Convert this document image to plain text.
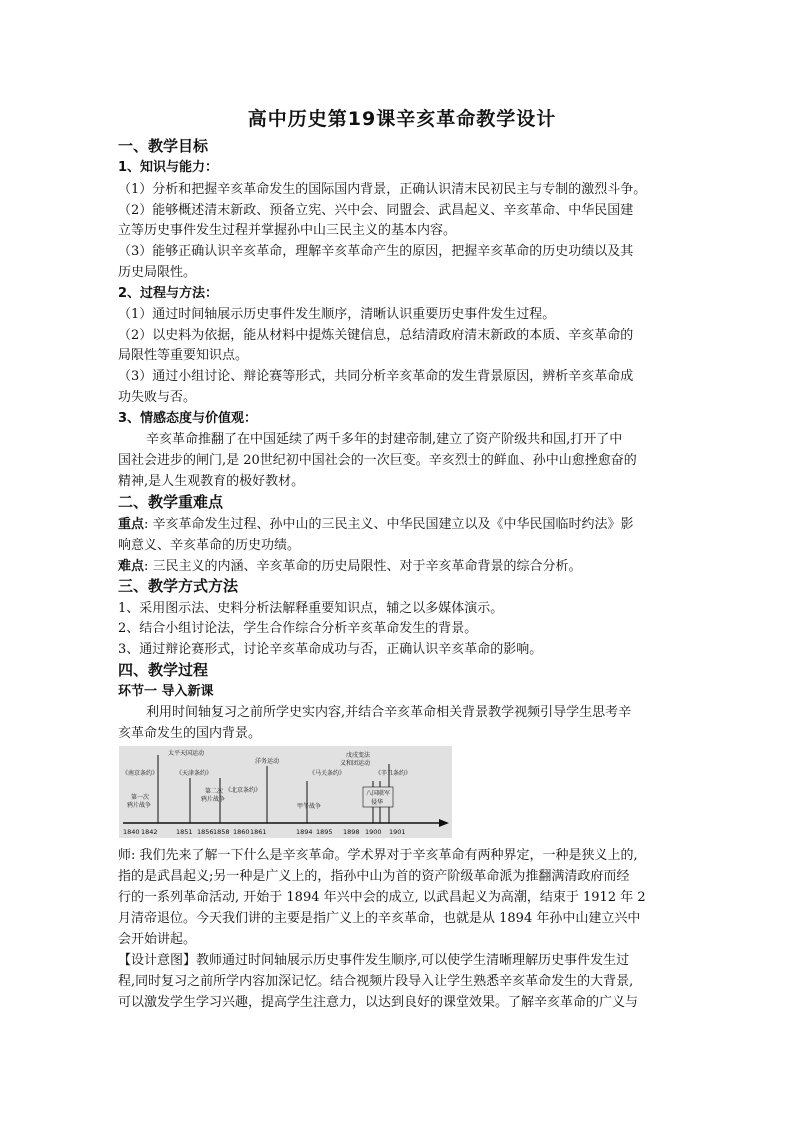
高中历史第19课辛亥革命教学设计
一、教学目标
1、知识与能力：
（1）分析和把握辛亥革命发生的国际国内背景，正确认识清末民初民主与专制的激烈斗争。
（2）能够概述清末新政、预备立宪、兴中会、同盟会、武昌起义、辛亥革命、中华民国建
立等历史事件发生过程并掌握孙中山三民主义的基本内容。
（3）能够正确认识辛亥革命，理解辛亥革命产生的原因，把握辛亥革命的历史功绩以及其
历史局限性。
2、过程与方法：
（1）通过时间轴展示历史事件发生顺序，清晰认识重要历史事件发生过程。
（2）以史料为依据，能从材料中提炼关键信息，总结清政府清末新政的本质、辛亥革命的
局限性等重要知识点。
（3）通过小组讨论、辩论赛等形式，共同分析辛亥革命的发生背景原因，辨析辛亥革命成
功失败与否。
3、情感态度与价值观：
辛亥革命推翻了在中国延续了两千多年的封建帝制,建立了资产阶级共和国,打开了中
国社会进步的闸门,是 20世纪初中国社会的一次巨变。辛亥烈士的鲜血、孙中山愈挫愈奋的
精神,是人生观教育的极好教材。
二、教学重难点
重点: 辛亥革命发生过程、孙中山的三民主义、中华民国建立以及《中华民国临时约法》影
响意义、辛亥革命的历史功绩。
难点: 三民主义的内涵、辛亥革命的历史局限性、对于辛亥革命背景的综合分析。
三、教学方式方法
1、采用图示法、史料分析法解释重要知识点，辅之以多媒体演示。
2、结合小组讨论法，学生合作综合分析辛亥革命发生的背景。
3、通过辩论赛形式，讨论辛亥革命成功与否，正确认识辛亥革命的影响。
四、教学过程
环节一 导入新课
利用时间轴复习之前所学史实内容,并结合辛亥革命相关背景教学视频引导学生思考辛
亥革命发生的国内背景。
太平天国运动
洋务运动
戊戌变法
义和团运动
《南京条约》	《天津条约》	《马关条约》	《辛丑条约》
第一次
鸦片战争
第二次
鸦片战争
《北京条约》
甲午战争
八国联军
侵华
1840 1842	1851 1856 1858 1860 1861	1894 1895 1898 1900 1901
师: 我们先来了解一下什么是辛亥革命。学术界对于辛亥革命有两种界定，一种是狭义上的,
指的是武昌起义;另一种是广义上的，指孙中山为首的资产阶级革命派为推翻满清政府而经
行的一系列革命活动, 开始于 1894 年兴中会的成立, 以武昌起义为高潮，结束于 1912 年 2
月清帝退位。今天我们讲的主要是指广义上的辛亥革命，也就是从 1894 年孙中山建立兴中
会开始讲起。
【设计意图】教师通过时间轴展示历史事件发生顺序,可以使学生清晰理解历史事件发生过
程,同时复习之前所学内容加深记忆。结合视频片段导入让学生熟悉辛亥革命发生的大背景,
可以激发学生学习兴趣，提高学生注意力，以达到良好的课堂效果。了解辛亥革命的广义与
